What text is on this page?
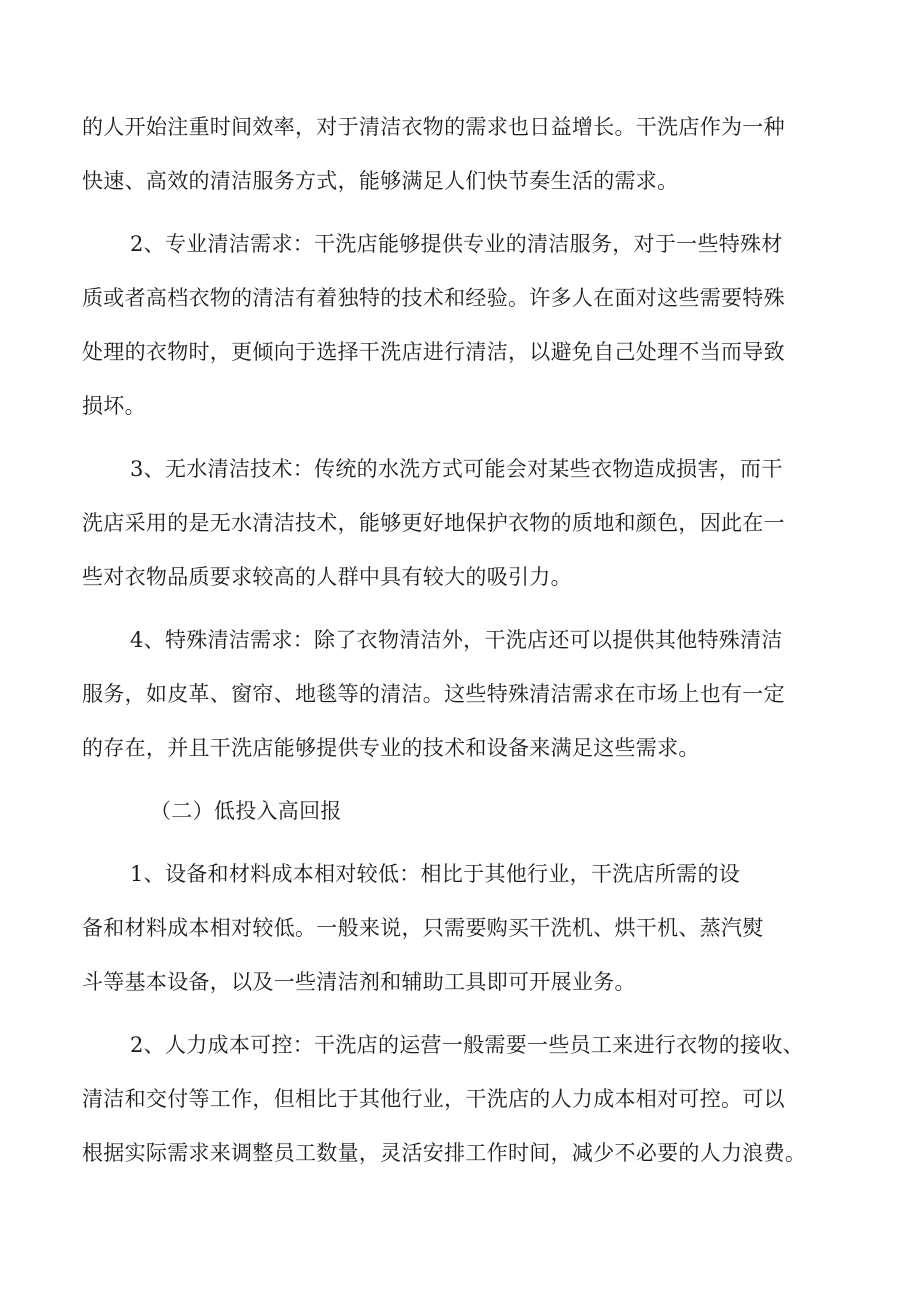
的人开始注重时间效率，对于清洁衣物的需求也日益增长。干洗店作为一种
快速、高效的清洁服务方式，能够满足人们快节奏生活的需求。
2、专业清洁需求：干洗店能够提供专业的清洁服务，对于一些特殊材
质或者高档衣物的清洁有着独特的技术和经验。许多人在面对这些需要特殊
处理的衣物时，更倾向于选择干洗店进行清洁，以避免自己处理不当而导致
损坏。
3、无水清洁技术：传统的水洗方式可能会对某些衣物造成损害，而干
洗店采用的是无水清洁技术，能够更好地保护衣物的质地和颜色，因此在一
些对衣物品质要求较高的人群中具有较大的吸引力。
4、特殊清洁需求：除了衣物清洁外，干洗店还可以提供其他特殊清洁
服务，如皮革、窗帘、地毯等的清洁。这些特殊清洁需求在市场上也有一定
的存在，并且干洗店能够提供专业的技术和设备来满足这些需求。
（二）低投入高回报
1、设备和材料成本相对较低：相比于其他行业，干洗店所需的设
备和材料成本相对较低。一般来说，只需要购买干洗机、烘干机、蒸汽熨
斗等基本设备，以及一些清洁剂和辅助工具即可开展业务。
2、人力成本可控：干洗店的运营一般需要一些员工来进行衣物的接收、
清洁和交付等工作，但相比于其他行业，干洗店的人力成本相对可控。可以
根据实际需求来调整员工数量，灵活安排工作时间，减少不必要的人力浪费。
